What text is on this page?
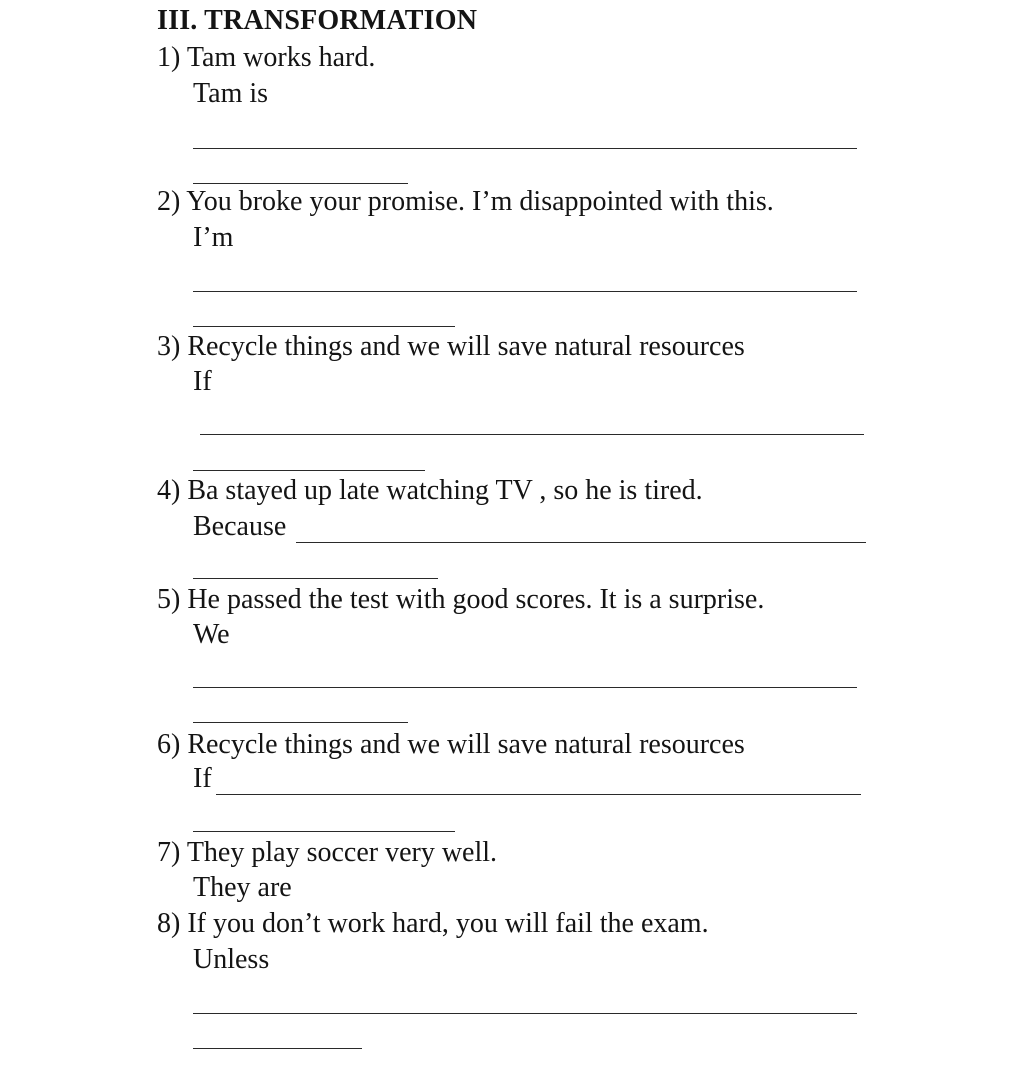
III. TRANSFORMATION
1) Tam works hard.
Tam is
2) You broke your promise. I’m disappointed with this.
I’m
3) Recycle things and we will save natural resources
If
4) Ba stayed up late watching TV , so he is tired.
Because
5) He passed the test with good scores. It is a surprise.
We
6) Recycle things and we will save natural resources
If
7) They play soccer very well.
They are
8) If you don’t work hard, you will fail the exam.
Unless
